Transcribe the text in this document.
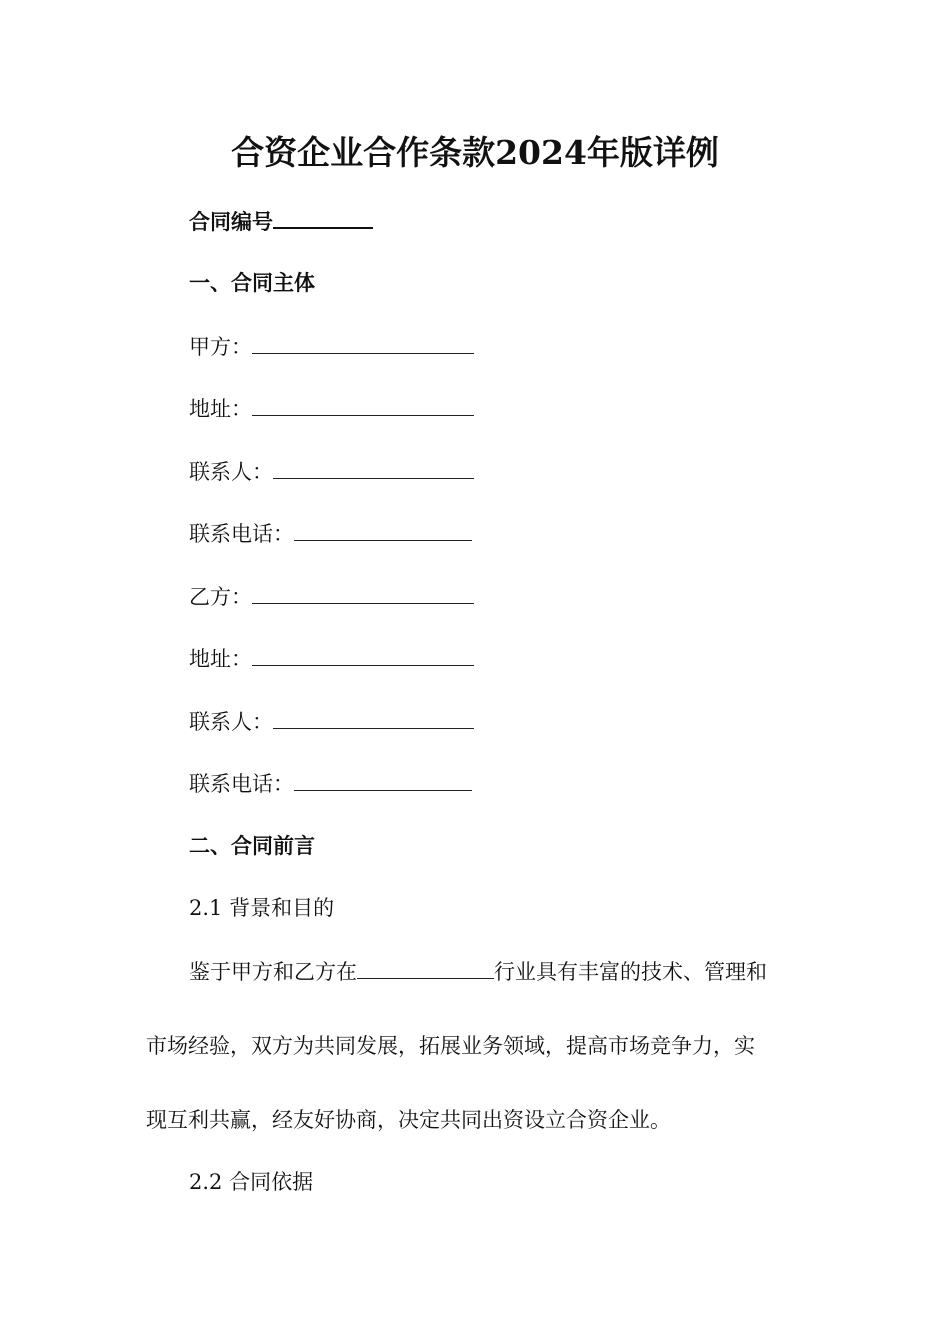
合资企业合作条款2024年版详例
合同编号
一、合同主体
甲方：
地址：
联系人：
联系电话：
乙方：
地址：
联系人：
联系电话：
二、合同前言
2.1 背景和目的
鉴于甲方和乙方在	行业具有丰富的技术、管理和
市场经验，双方为共同发展，拓展业务领域，提高市场竞争力，实
现互利共赢，经友好协商，决定共同出资设立合资企业。
2.2 合同依据
